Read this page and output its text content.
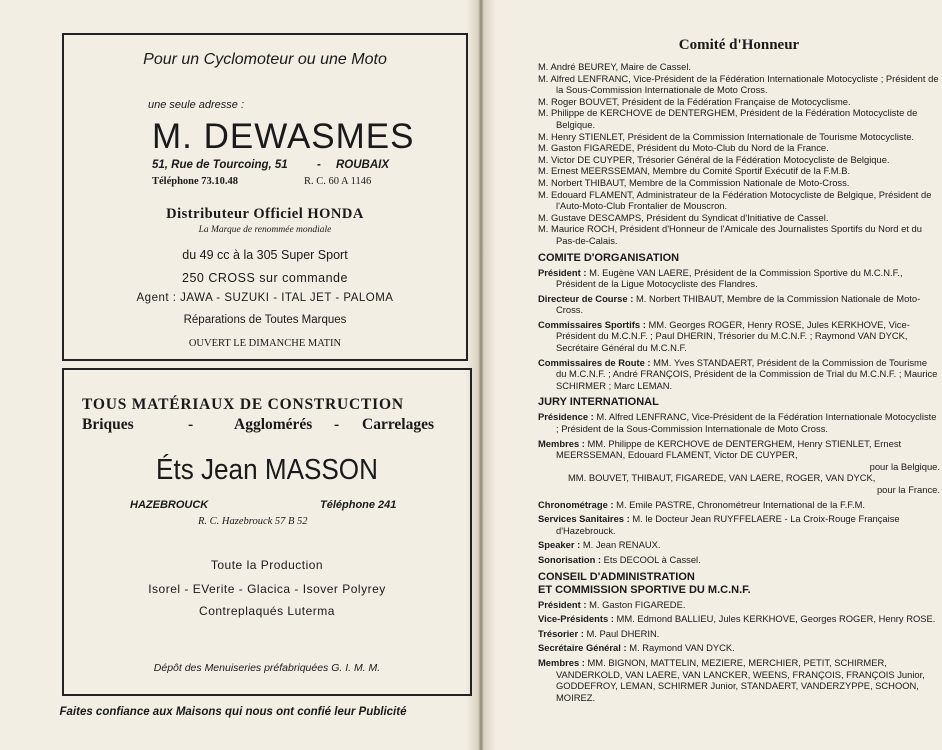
Pour un Cyclomoteur ou une Moto
une seule adresse :
M. DEWASMES
51, Rue de Tourcoing, 51	- ROUBAIX
Téléphone 73.10.48	R. C. 60 A 1146
Distributeur Officiel HONDA
La Marque de renommée mondiale
du 49 cc à la 305 Super Sport
250 CROSS sur commande
Agent : JAWA - SUZUKI - ITAL JET - PALOMA
Réparations de Toutes Marques
OUVERT LE DIMANCHE MATIN
TOUS MATÉRIAUX DE CONSTRUCTION
Briques	-	Agglomérés - Carrelages
Éts Jean MASSON
HAZEBROUCK	Téléphone 241
R. C. Hazebrouck 57 B 52
Toute la Production
Isorel - EVerite - Glacica - Isover Polyrey
Contreplaqués Luterma
Dépôt des Menuiseries préfabriquées G. I. M. M.
Faites confiance aux Maisons qui nous ont confié leur Publicité
Comité d'Honneur

M. André BEUREY, Maire de Cassel.

M. Alfred LENFRANC, Vice-Président de la Fédération Internationale Motocycliste ; Président de la Sous-Commission Internationale de Moto Cross.

M. Roger BOUVET, Président de la Fédération Française de Motocyclisme.

M. Philippe de KERCHOVE de DENTERGHEM, Président de la Fédération Motocycliste de Belgique.

M. Henry STIENLET, Président de la Commission Internationale de Tourisme Motocycliste.

M. Gaston FIGAREDE, Président du Moto-Club du Nord de la France.

M. Victor DE CUYPER, Trésorier Général de la Fédération Motocycliste de Belgique.

M. Ernest MEERSSEMAN, Membre du Comité Sportif Exécutif de la F.M.B.

M. Norbert THIBAUT, Membre de la Commission Nationale de Moto-Cross.

M. Edouard FLAMENT, Administrateur de la Fédération Motocycliste de Belgique, Président de l'Auto-Moto-Club Frontalier de Mouscron.

M. Gustave DESCAMPS, Président du Syndicat d'Initiative de Cassel.

M. Maurice ROCH, Président d'Honneur de l'Amicale des Journalistes Sportifs du Nord et du Pas-de-Calais.

COMITE D'ORGANISATION

Président : M. Eugène VAN LAERE, Président de la Commission Sportive du M.C.N.F., Président de la Ligue Motocycliste des Flandres.

Directeur de Course : M. Norbert THIBAUT, Membre de la Commission Nationale de Moto-Cross.

Commissaires Sportifs : MM. Georges ROGER, Henry ROSE, Jules KERKHOVE, Vice-Président du M.C.N.F. ; Paul DHERIN, Trésorier du M.C.N.F. ; Raymond VAN DYCK, Secrétaire Général du M.C.N.F.

Commissaires de Route : MM. Yves STANDAERT, Président de la Commission de Tourisme du M.C.N.F. ; André FRANÇOIS, Président de la Commission de Trial du M.C.N.F. ; Maurice SCHIRMER ; Marc LEMAN.

JURY INTERNATIONAL

Présidence : M. Alfred LENFRANC, Vice-Président de la Fédération Internationale Motocycliste ; Président de la Sous-Commission Internationale de Moto Cross.

Membres : MM. Philippe de KERCHOVE de DENTERGHEM, Henry STIENLET, Ernest MEERSSEMAN, Edouard FLAMENT, Victor DE CUYPER,

pour la Belgique.
MM. BOUVET, THIBAUT, FIGAREDE, VAN LAERE, ROGER, VAN DYCK,
pour la France.

Chronométrage : M. Emile PASTRE, Chronométreur International de la F.F.M.

Services Sanitaires : M. le Docteur Jean RUYFFELAERE - La Croix-Rouge Française d'Hazebrouck.

Speaker : M. Jean RENAUX.

Sonorisation : Ets DECOOL à Cassel.

CONSEIL D'ADMINISTRATION
ET COMMISSION SPORTIVE DU M.C.N.F.

Président : M. Gaston FIGAREDE.

Vice-Présidents : MM. Edmond BALLIEU, Jules KERKHOVE, Georges ROGER, Henry ROSE.

Trésorier : M. Paul DHERIN.

Secrétaire Général : M. Raymond VAN DYCK.

Membres : MM. BIGNON, MATTELIN, MEZIERE, MERCHIER, PETIT, SCHIRMER, VANDERKOLD, VAN LAERE, VAN LANCKER, WEENS, FRANÇOIS, FRANÇOIS Junior, GODDEFROY, LEMAN, SCHIRMER Junior, STANDAERT, VANDERZYPPE, SCHOON, MOIREZ.
